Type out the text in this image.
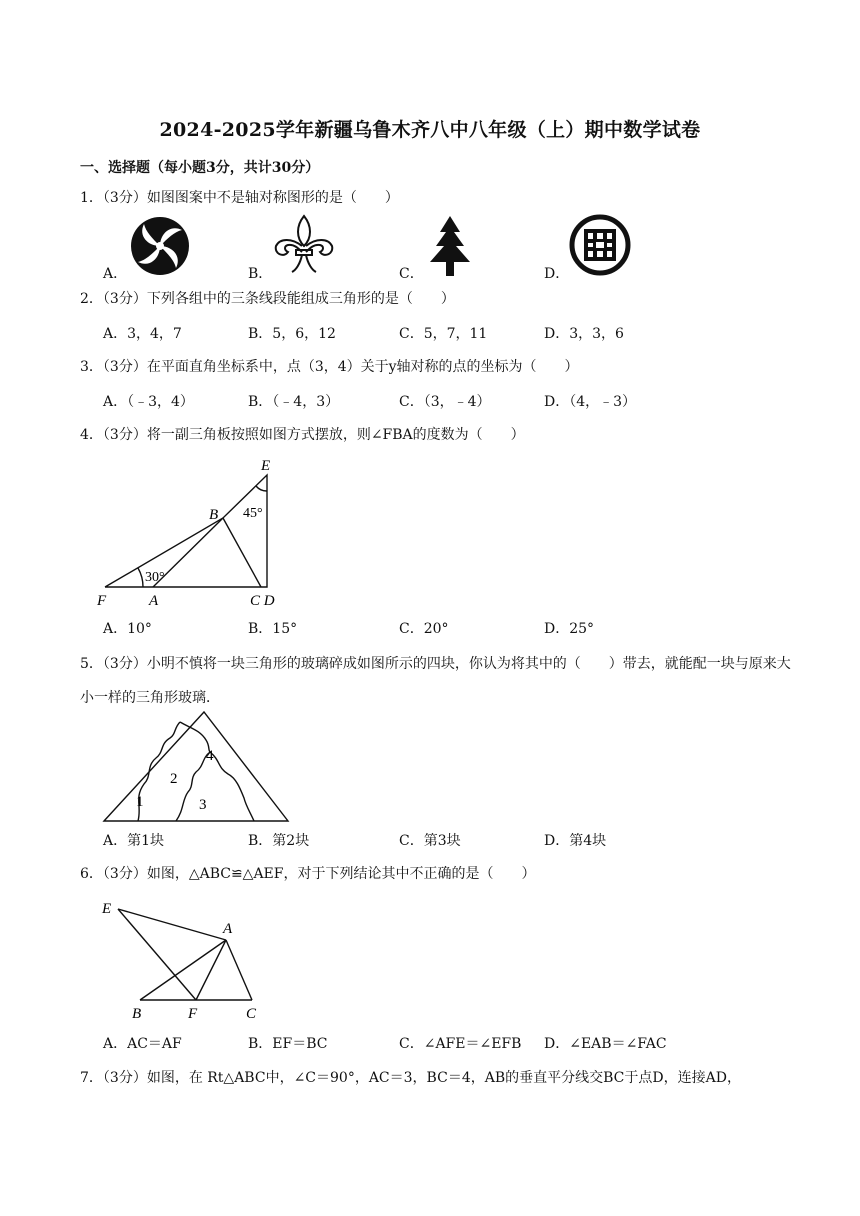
2024-2025学年新疆乌鲁木齐八中八年级（上）期中数学试卷
一、选择题（每小题3分，共计30分）
1．（3分）如图图案中不是轴对称图形的是（　　）
A．	B．	C．	D．
2．（3分）下列各组中的三条线段能组成三角形的是（　　）
A．3，4，7	B．5，6，12	C．5，7，11	D．3，3，6
3．（3分）在平面直角坐标系中，点（3，4）关于y轴对称的点的坐标为（　　）
A．（﹣3，4）	B．（﹣4，3）	C．（3，﹣4）	D．（4，﹣3）
4．（3分）将一副三角板按照如图方式摆放，则∠FBA的度数为（　　）
E
B
F	A	C D
45°
30°
A．10°	B．15°	C．20°	D．25°
5．（3分）小明不慎将一块三角形的玻璃碎成如图所示的四块，你认为将其中的（　　）带去，就能配一块与原来大小一样的三角形玻璃．
1
2
3
4
A．第1块	B．第2块	C．第3块	D．第4块
6．（3分）如图，△ABC≌△AEF，对于下列结论其中不正确的是（　　）
E
A
B	F	C
A．AC＝AF	B．EF＝BC	C．∠AFE＝∠EFB D．∠EAB＝∠FAC
7．（3分）如图，在 Rt△ABC中，∠C＝90°，AC＝3，BC＝4，AB的垂直平分线交BC于点D，连接AD，
